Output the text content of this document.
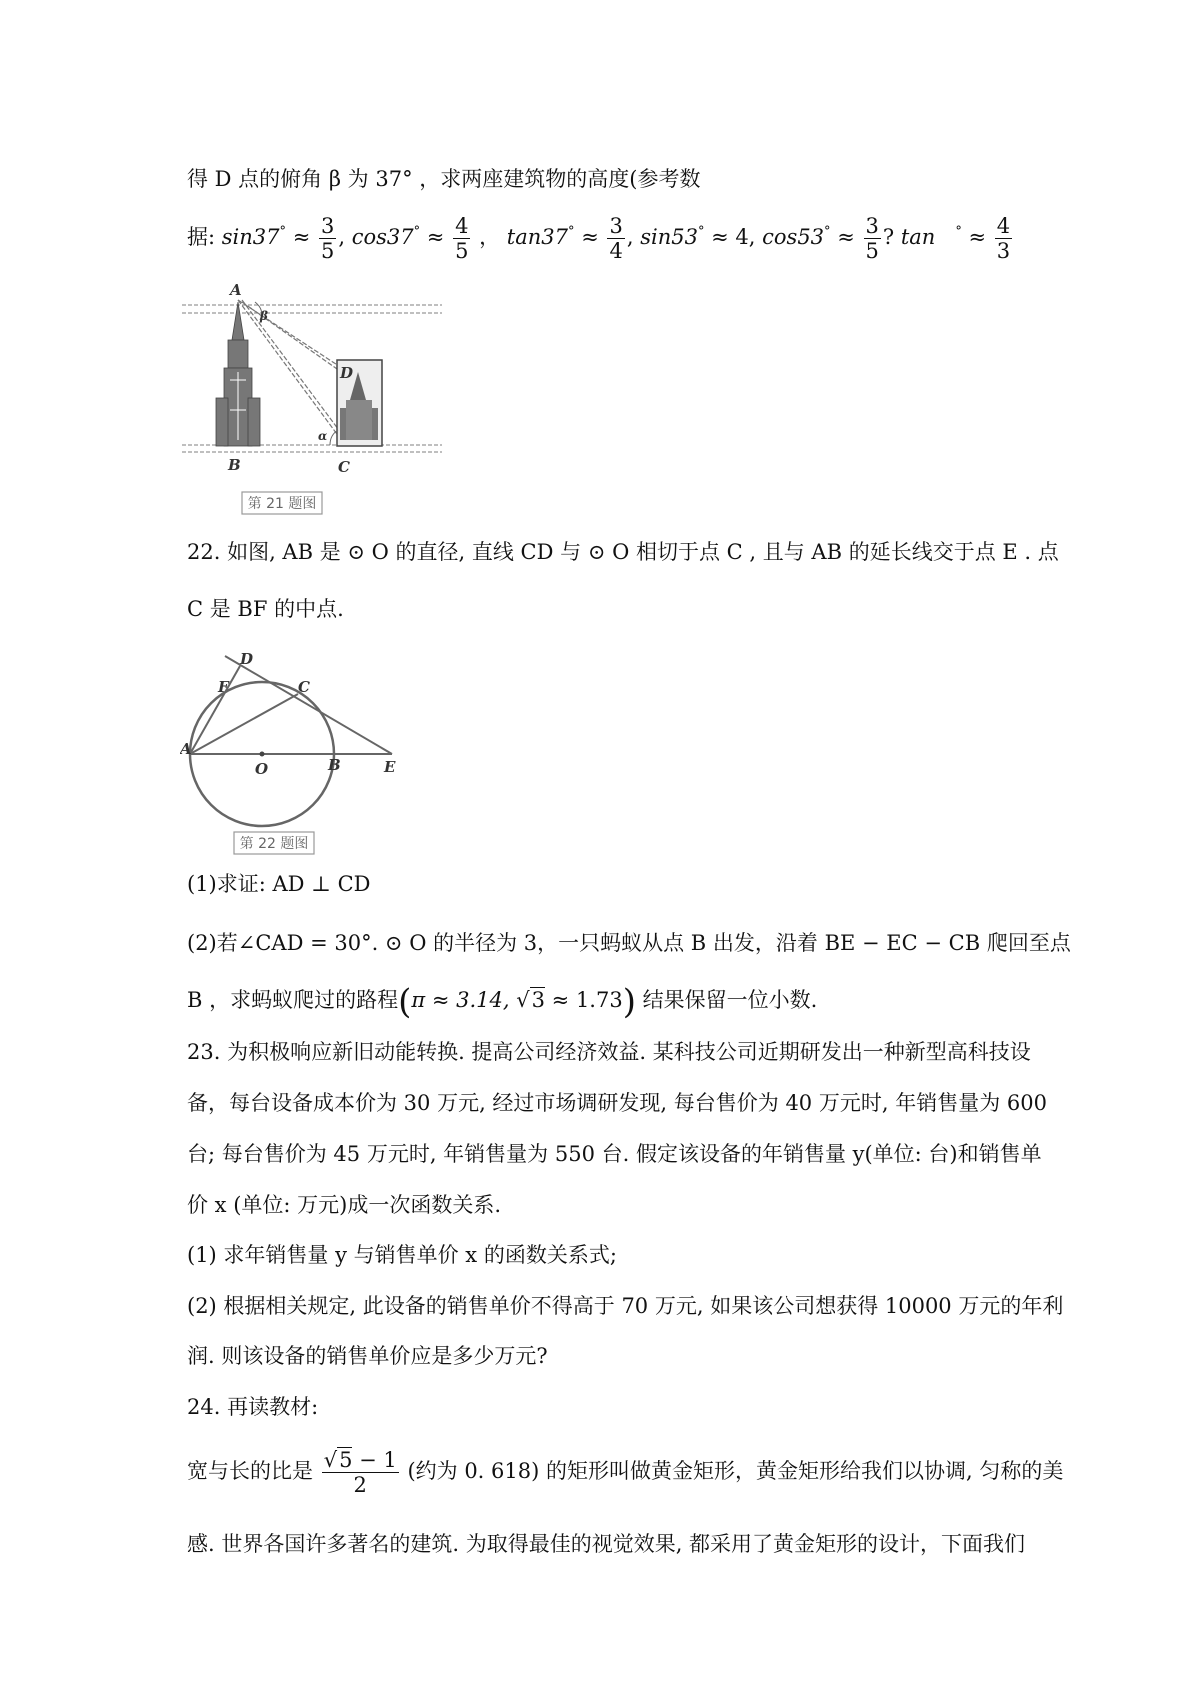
得 D 点的俯角 β 为 37° ，求两座建筑物的高度(参考数
据: $\sin 37^\circ \approx \frac{3}{5}$ , $\cos 37^\circ \approx \frac{4}{5}$ ， $\tan 37^\circ \approx \frac{3}{4}$ , sin53° ≈ 4, $\cos 53^\circ \approx \frac{3}{5}$ ? $\tan ^\circ \approx \frac{4}{3}$
A
B	C
D
α
β
第 21 题图
22. 如图, AB 是 ⊙ O 的直径, 直线 CD 与 ⊙ O 相切于点 C , 且与 AB 的延长线交于点 E . 点
C 是 BF 的中点.
D
F	C
A
O	B	E
第 22 题图
(1)求证: AD ⊥ CD
(2)若∠CAD = 30°. ⊙ O 的半径为 3，一只蚂蚁从点 B 出发，沿着 BE − EC − CB 爬回至点
B ，求蚂蚁爬过的路程(π ≈ 3.14, √3 ≈ 1.73) 结果保留一位小数.
23. 为积极响应新旧动能转换. 提高公司经济效益. 某科技公司近期研发出一种新型高科技设
备，每台设备成本价为 30 万元, 经过市场调研发现, 每台售价为 40 万元时, 年销售量为 600
台; 每台售价为 45 万元时, 年销售量为 550 台. 假定该设备的年销售量 y(单位: 台)和销售单
价 x (单位: 万元)成一次函数关系.
(1) 求年销售量 y 与销售单价 x 的函数关系式;
(2) 根据相关规定, 此设备的销售单价不得高于 70 万元, 如果该公司想获得 10000 万元的年利
润. 则该设备的销售单价应是多少万元?
24. 再读教材:
宽与长的比是 $\frac{√5 - 1}{2}$ (约为 0. 618) 的矩形叫做黄金矩形，黄金矩形给我们以协调, 匀称的美
感. 世界各国许多著名的建筑. 为取得最佳的视觉效果, 都采用了黄金矩形的设计，下面我们
